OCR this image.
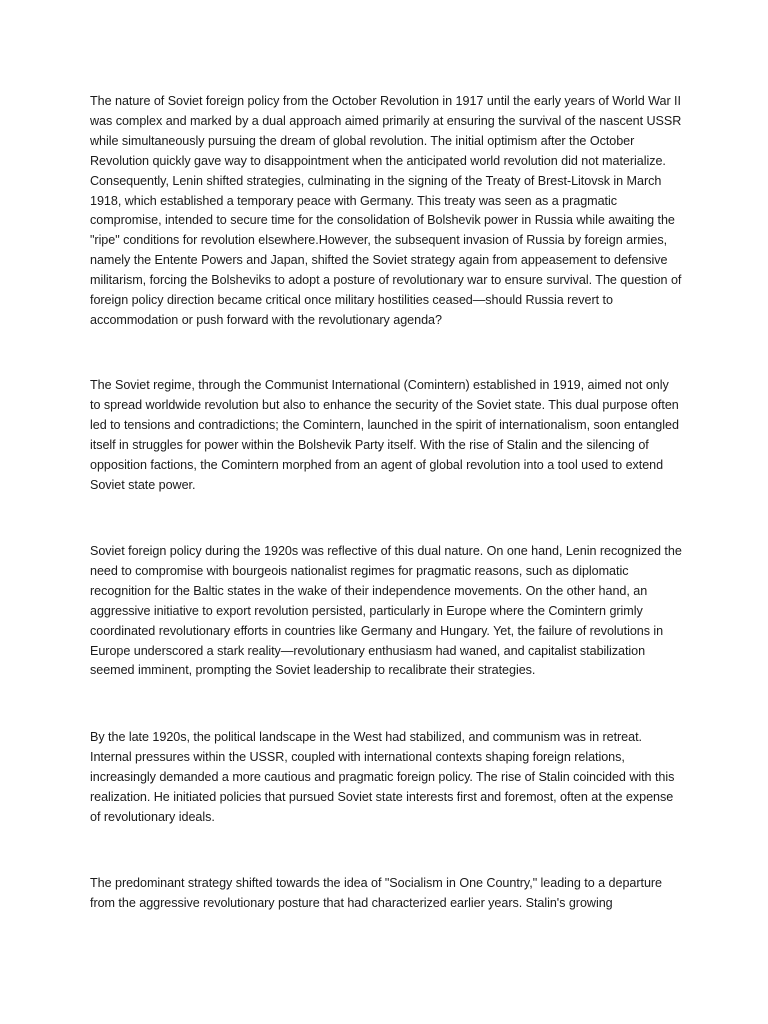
The nature of Soviet foreign policy from the October Revolution in 1917 until the early years of World War II was complex and marked by a dual approach aimed primarily at ensuring the survival of the nascent USSR while simultaneously pursuing the dream of global revolution. The initial optimism after the October Revolution quickly gave way to disappointment when the anticipated world revolution did not materialize. Consequently, Lenin shifted strategies, culminating in the signing of the Treaty of Brest-Litovsk in March 1918, which established a temporary peace with Germany. This treaty was seen as a pragmatic compromise, intended to secure time for the consolidation of Bolshevik power in Russia while awaiting the "ripe" conditions for revolution elsewhere.However, the subsequent invasion of Russia by foreign armies, namely the Entente Powers and Japan, shifted the Soviet strategy again from appeasement to defensive militarism, forcing the Bolsheviks to adopt a posture of revolutionary war to ensure survival. The question of foreign policy direction became critical once military hostilities ceased—should Russia revert to accommodation or push forward with the revolutionary agenda?

The Soviet regime, through the Communist International (Comintern) established in 1919, aimed not only to spread worldwide revolution but also to enhance the security of the Soviet state. This dual purpose often led to tensions and contradictions; the Comintern, launched in the spirit of internationalism, soon entangled itself in struggles for power within the Bolshevik Party itself. With the rise of Stalin and the silencing of opposition factions, the Comintern morphed from an agent of global revolution into a tool used to extend Soviet state power.

Soviet foreign policy during the 1920s was reflective of this dual nature. On one hand, Lenin recognized the need to compromise with bourgeois nationalist regimes for pragmatic reasons, such as diplomatic recognition for the Baltic states in the wake of their independence movements. On the other hand, an aggressive initiative to export revolution persisted, particularly in Europe where the Comintern grimly coordinated revolutionary efforts in countries like Germany and Hungary. Yet, the failure of revolutions in Europe underscored a stark reality—revolutionary enthusiasm had waned, and capitalist stabilization seemed imminent, prompting the Soviet leadership to recalibrate their strategies.

By the late 1920s, the political landscape in the West had stabilized, and communism was in retreat. Internal pressures within the USSR, coupled with international contexts shaping foreign relations, increasingly demanded a more cautious and pragmatic foreign policy. The rise of Stalin coincided with this realization. He initiated policies that pursued Soviet state interests first and foremost, often at the expense of revolutionary ideals.

The predominant strategy shifted towards the idea of "Socialism in One Country," leading to a departure from the aggressive revolutionary posture that had characterized earlier years. Stalin's growing
